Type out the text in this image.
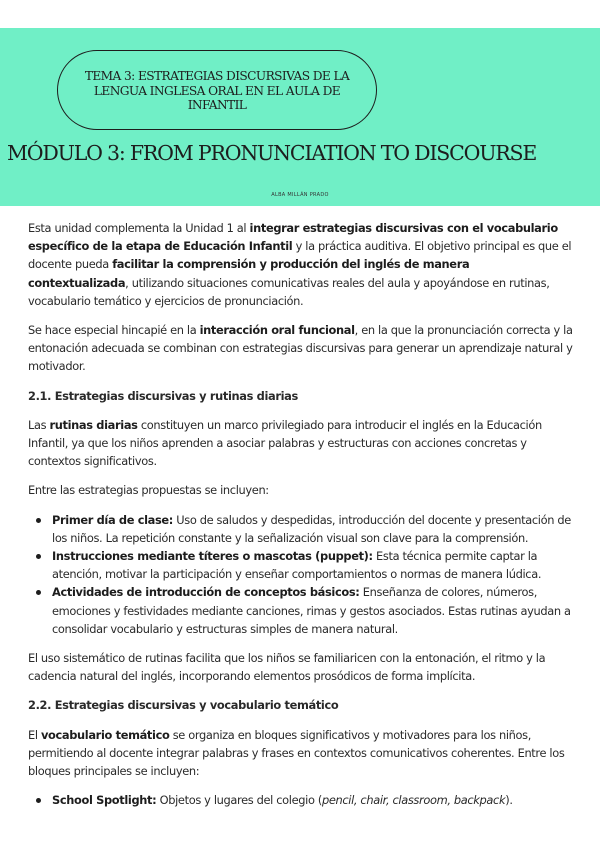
TEMA 3: ESTRATEGIAS DISCURSIVAS DE LA LENGUA INGLESA ORAL EN EL AULA DE INFANTIL
MÓDULO 3: FROM PRONUNCIATION TO DISCOURSE
ALBA MILLÁN PRADO

Esta unidad complementa la Unidad 1 al integrar estrategias discursivas con el vocabulario específico de la etapa de Educación Infantil y la práctica auditiva. El objetivo principal es que el docente pueda facilitar la comprensión y producción del inglés de manera contextualizada, utilizando situaciones comunicativas reales del aula y apoyándose en rutinas, vocabulario temático y ejercicios de pronunciación.

Se hace especial hincapié en la interacción oral funcional, en la que la pronunciación correcta y la entonación adecuada se combinan con estrategias discursivas para generar un aprendizaje natural y motivador.

2.1. Estrategias discursivas y rutinas diarias

Las rutinas diarias constituyen un marco privilegiado para introducir el inglés en la Educación Infantil, ya que los niños aprenden a asociar palabras y estructuras con acciones concretas y contextos significativos.

Entre las estrategias propuestas se incluyen:

Primer día de clase: Uso de saludos y despedidas, introducción del docente y presentación de los niños. La repetición constante y la señalización visual son clave para la comprensión.
Instrucciones mediante títeres o mascotas (puppet): Esta técnica permite captar la atención, motivar la participación y enseñar comportamientos o normas de manera lúdica.
Actividades de introducción de conceptos básicos: Enseñanza de colores, números, emociones y festividades mediante canciones, rimas y gestos asociados. Estas rutinas ayudan a consolidar vocabulario y estructuras simples de manera natural.

El uso sistemático de rutinas facilita que los niños se familiaricen con la entonación, el ritmo y la cadencia natural del inglés, incorporando elementos prosódicos de forma implícita.

2.2. Estrategias discursivas y vocabulario temático

El vocabulario temático se organiza en bloques significativos y motivadores para los niños, permitiendo al docente integrar palabras y frases en contextos comunicativos coherentes. Entre los bloques principales se incluyen:

School Spotlight: Objetos y lugares del colegio (pencil, chair, classroom, backpack).
